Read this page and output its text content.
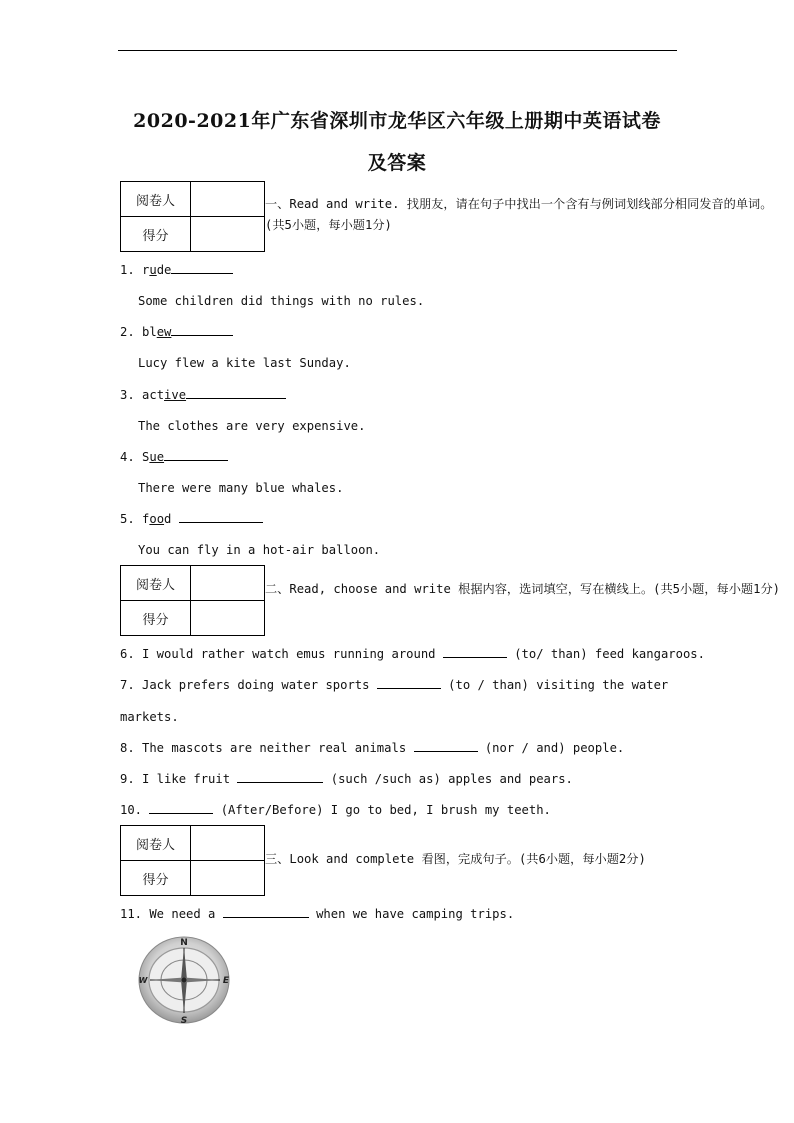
2020-2021年广东省深圳市龙华区六年级上册期中英语试卷
及答案
阅卷人	
得分	
一、Read and write. 找朋友，请在句子中找出一个含有与例词划线部分相同发音的单词。(共5小题，每小题1分)
1. rude
Some children did things with no rules.
2. blew
Lucy flew a kite last Sunday.
3. active
The clothes are very expensive.
4. Sue
There were many blue whales.
5. food
You can fly in a hot-air balloon.
阅卷人	
得分	
二、Read, choose and write 根据内容，选词填空，写在横线上。(共5小题，每小题1分)
6. I would rather watch emus running around	(to/ than) feed kangaroos.
7. Jack prefers doing water sports	(to / than) visiting the water
markets.
8. The mascots are neither real animals	(nor / and) people.
9. I like fruit	(such /such as) apples and pears.
10.	(After/Before) I go to bed, I brush my teeth.
阅卷人	
得分	
三、Look and complete 看图，完成句子。(共6小题，每小题2分)
11. We need a	when we have camping trips.
N
S
E
W
